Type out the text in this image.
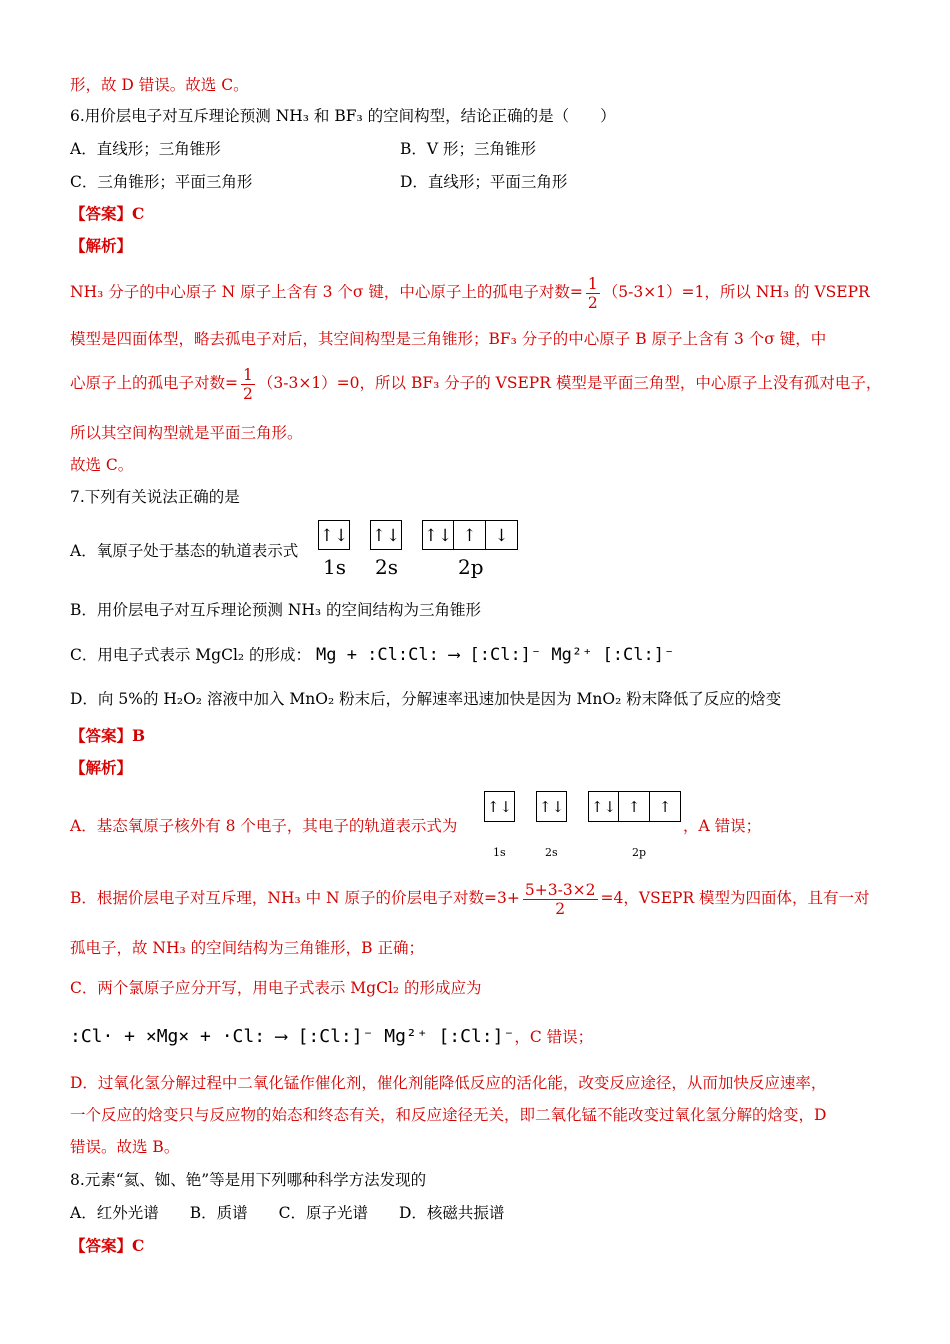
形，故 D 错误。故选 C。
6.用价层电子对互斥理论预测 NH₃ 和 BF₃ 的空间构型，结论正确的是（　　）
A．直线形；三角锥形	B．V 形；三角锥形
C．三角锥形；平面三角形	D．直线形；平面三角形
【答案】C
【解析】
NH₃ 分子的中心原子 N 原子上含有 3 个σ 键，中心原子上的孤电子对数= $\frac{1}{2} (5-3\times 1)=1$，所以 NH₃ 的 VSEPR
模型是四面体型，略去孤电子对后，其空间构型是三角锥形；BF₃ 分子的中心原子 B 原子上含有 3 个σ 键，中
心原子上的孤电子对数= $\frac{1}{2} (3-3\times 1)=0$，所以 BF₃ 分子的 VSEPR 模型是平面三角型，中心原子上没有孤对电子，
所以其空间构型就是平面三角形。
故选 C。
7.下列有关说法正确的是
A．氧原子处于基态的轨道表示式
↑↓ ↑↓ ↑↓ ↑	↓
1s 2s	2p
B．用价层电子对互斥理论预测 NH₃ 的空间结构为三角锥形
C．用电子式表示 MgCl₂ 的形成： Mg + :Cl:Cl: ⟶ [:Cl:]⁻ Mg²⁺ [:Cl:]⁻
D．向 5%的 H₂O₂ 溶液中加入 MnO₂ 粉末后，分解速率迅速加快是因为 MnO₂ 粉末降低了反应的焓变
【答案】B
【解析】
A．基态氧原子核外有 8 个电子，其电子的轨道表示式为
↑↓ ↑↓ ↑↓ ↑	↑
，A 错误；
1s	2s	2p
B．根据价层电子对互斥理，NH₃ 中 N 原子的价层电子对数$=3+ \frac{5+3-3\times 2}{2} =4$，VSEPR 模型为四面体，且有一对
孤电子，故 NH₃ 的空间结构为三角锥形，B 正确；
C．两个氯原子应分开写，用电子式表示 MgCl₂ 的形成应为
:Cl· + ×Mg× + ·Cl: ⟶ [:Cl:]⁻ Mg²⁺ [:Cl:]⁻，C 错误；
D．过氧化氢分解过程中二氧化锰作催化剂，催化剂能降低反应的活化能，改变反应途径，从而加快反应速率，
一个反应的焓变只与反应物的始态和终态有关，和反应途径无关，即二氧化锰不能改变过氧化氢分解的焓变，D
错误。故选 B。
8.元素“氦、铷、铯”等是用下列哪种科学方法发现的
A．红外光谱　　B．质谱　　C．原子光谱　　D．核磁共振谱
【答案】C
